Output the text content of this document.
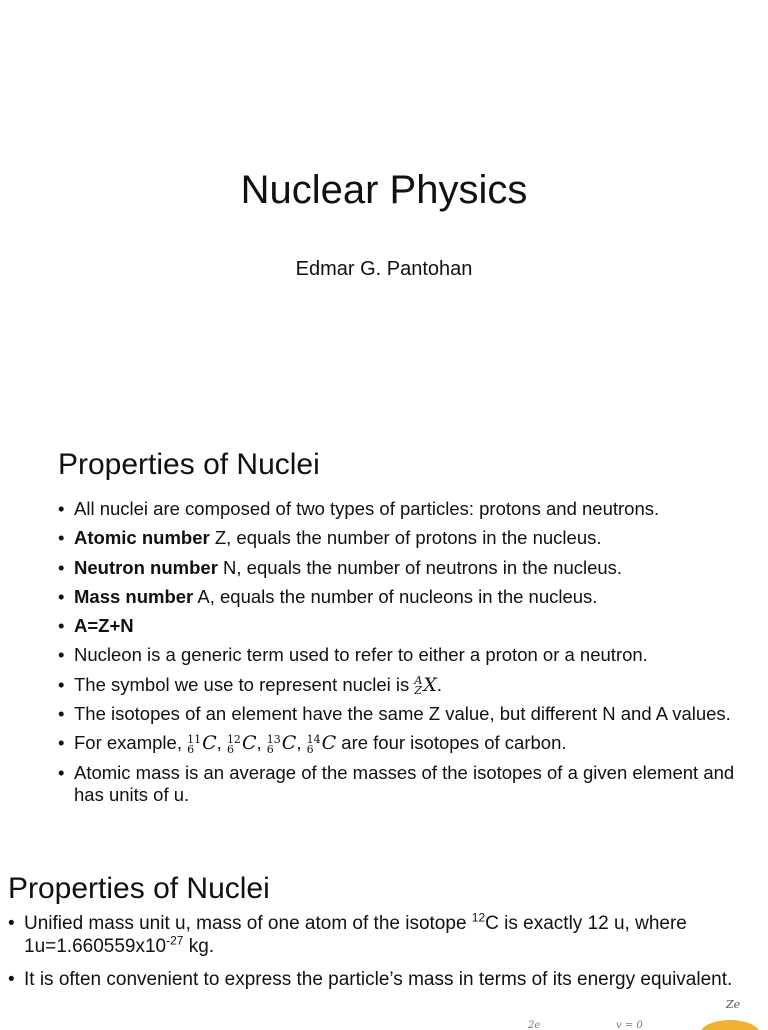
Nuclear Physics
Edmar G. Pantohan
Properties of Nuclei
• All nuclei are composed of two types of particles: protons and neutrons.
• Atomic number Z, equals the number of protons in the nucleus.
• Neutron number N, equals the number of neutrons in the nucleus.
• Mass number A, equals the number of nucleons in the nucleus.
• A=Z+N
• Nucleon is a generic term used to refer to either a proton or a neutron.
• The symbol we use to represent nuclei is A
Z X.
• The isotopes of an element have the same Z value, but different N and A values.
• For example, 11
6 C, 12
6 C, 13
6 C, 14
6 C are four isotopes of carbon.
• Atomic mass is an average of the masses of the isotopes of a given element and has units of u.
Properties of Nuclei
• Unified mass unit u, mass of one atom of the isotope $^{12}$C is exactly 12 u, where $1u=1.660559x10^{-27}$ kg.
• It is often convenient to express the particle’s mass in terms of its energy equivalent.
Ze
2e	v = 0
